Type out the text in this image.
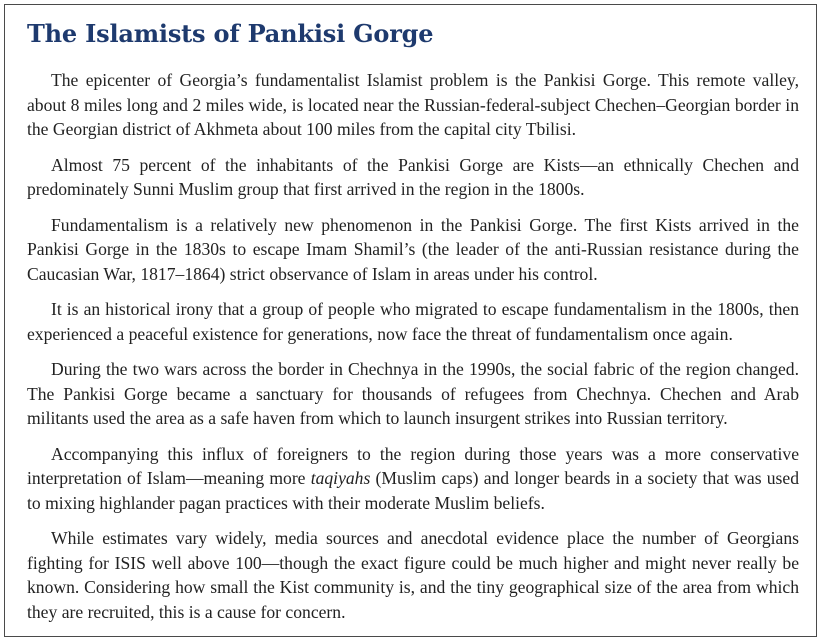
The Islamists of Pankisi Gorge

The epicenter of Georgia’s fundamentalist Islamist problem is the Pankisi Gorge. This remote valley, about 8 miles long and 2 miles wide, is located near the Russian-federal-subject Chechen–Georgian border in the Georgian district of Akhmeta about 100 miles from the capital city Tbilisi.

Almost 75 percent of the inhabitants of the Pankisi Gorge are Kists—an ethnically Chechen and predominately Sunni Muslim group that first arrived in the region in the 1800s.

Fundamentalism is a relatively new phenomenon in the Pankisi Gorge. The first Kists arrived in the Pankisi Gorge in the 1830s to escape Imam Shamil’s (the leader of the anti-Russian resistance during the Caucasian War, 1817–1864) strict observance of Islam in areas under his control.

It is an historical irony that a group of people who migrated to escape fundamentalism in the 1800s, then experienced a peaceful existence for generations, now face the threat of fundamentalism once again.

During the two wars across the border in Chechnya in the 1990s, the social fabric of the region changed. The Pankisi Gorge became a sanctuary for thousands of refugees from Chechnya. Chechen and Arab militants used the area as a safe haven from which to launch insurgent strikes into Russian territory.

Accompanying this influx of foreigners to the region during those years was a more conservative interpretation of Islam—meaning more taqiyahs (Muslim caps) and longer beards in a society that was used to mixing highlander pagan practices with their moderate Muslim beliefs.

While estimates vary widely, media sources and anecdotal evidence place the number of Georgians fighting for ISIS well above 100—though the exact figure could be much higher and might never really be known. Considering how small the Kist community is, and the tiny geographical size of the area from which they are recruited, this is a cause for concern.
